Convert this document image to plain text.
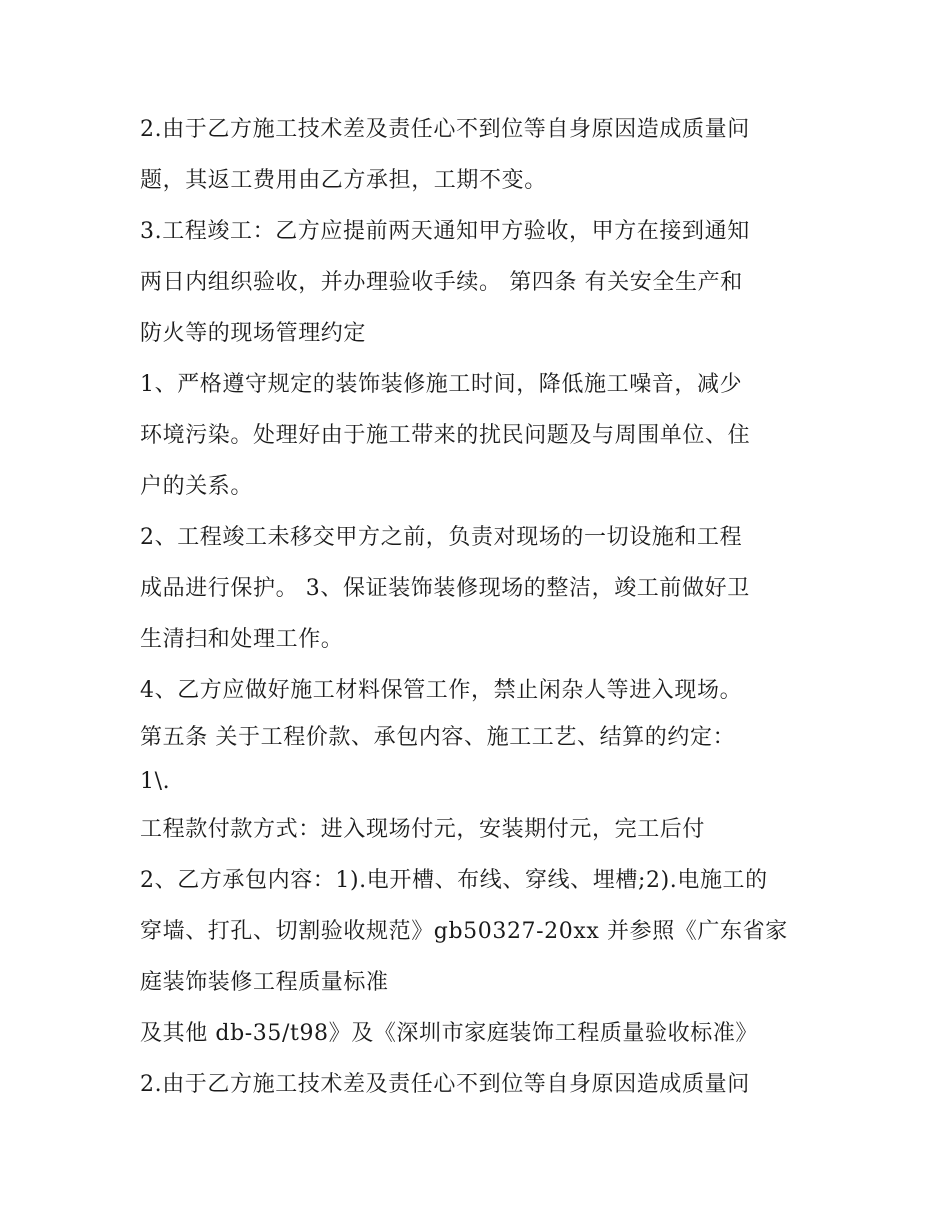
2.由于乙方施工技术差及责任心不到位等自身原因造成质量问
题，其返工费用由乙方承担，工期不变。
3.工程竣工：乙方应提前两天通知甲方验收，甲方在接到通知
两日内组织验收，并办理验收手续。 第四条 有关安全生产和
防火等的现场管理约定
1、严格遵守规定的装饰装修施工时间，降低施工噪音，减少
环境污染。处理好由于施工带来的扰民问题及与周围单位、住
户的关系。
2、工程竣工未移交甲方之前，负责对现场的一切设施和工程
成品进行保护。 3、保证装饰装修现场的整洁，竣工前做好卫
生清扫和处理工作。
4、乙方应做好施工材料保管工作，禁止闲杂人等进入现场。
第五条 关于工程价款、承包内容、施工工艺、结算的约定：
1\.
工程款付款方式：进入现场付元，安装期付元，完工后付
2、乙方承包内容：1).电开槽、布线、穿线、埋槽;2).电施工的
穿墙、打孔、切割验收规范》gb50327-20xx 并参照《广东省家
庭装饰装修工程质量标准
及其他 db-35/t98》及《深圳市家庭装饰工程质量验收标准》
2.由于乙方施工技术差及责任心不到位等自身原因造成质量问
